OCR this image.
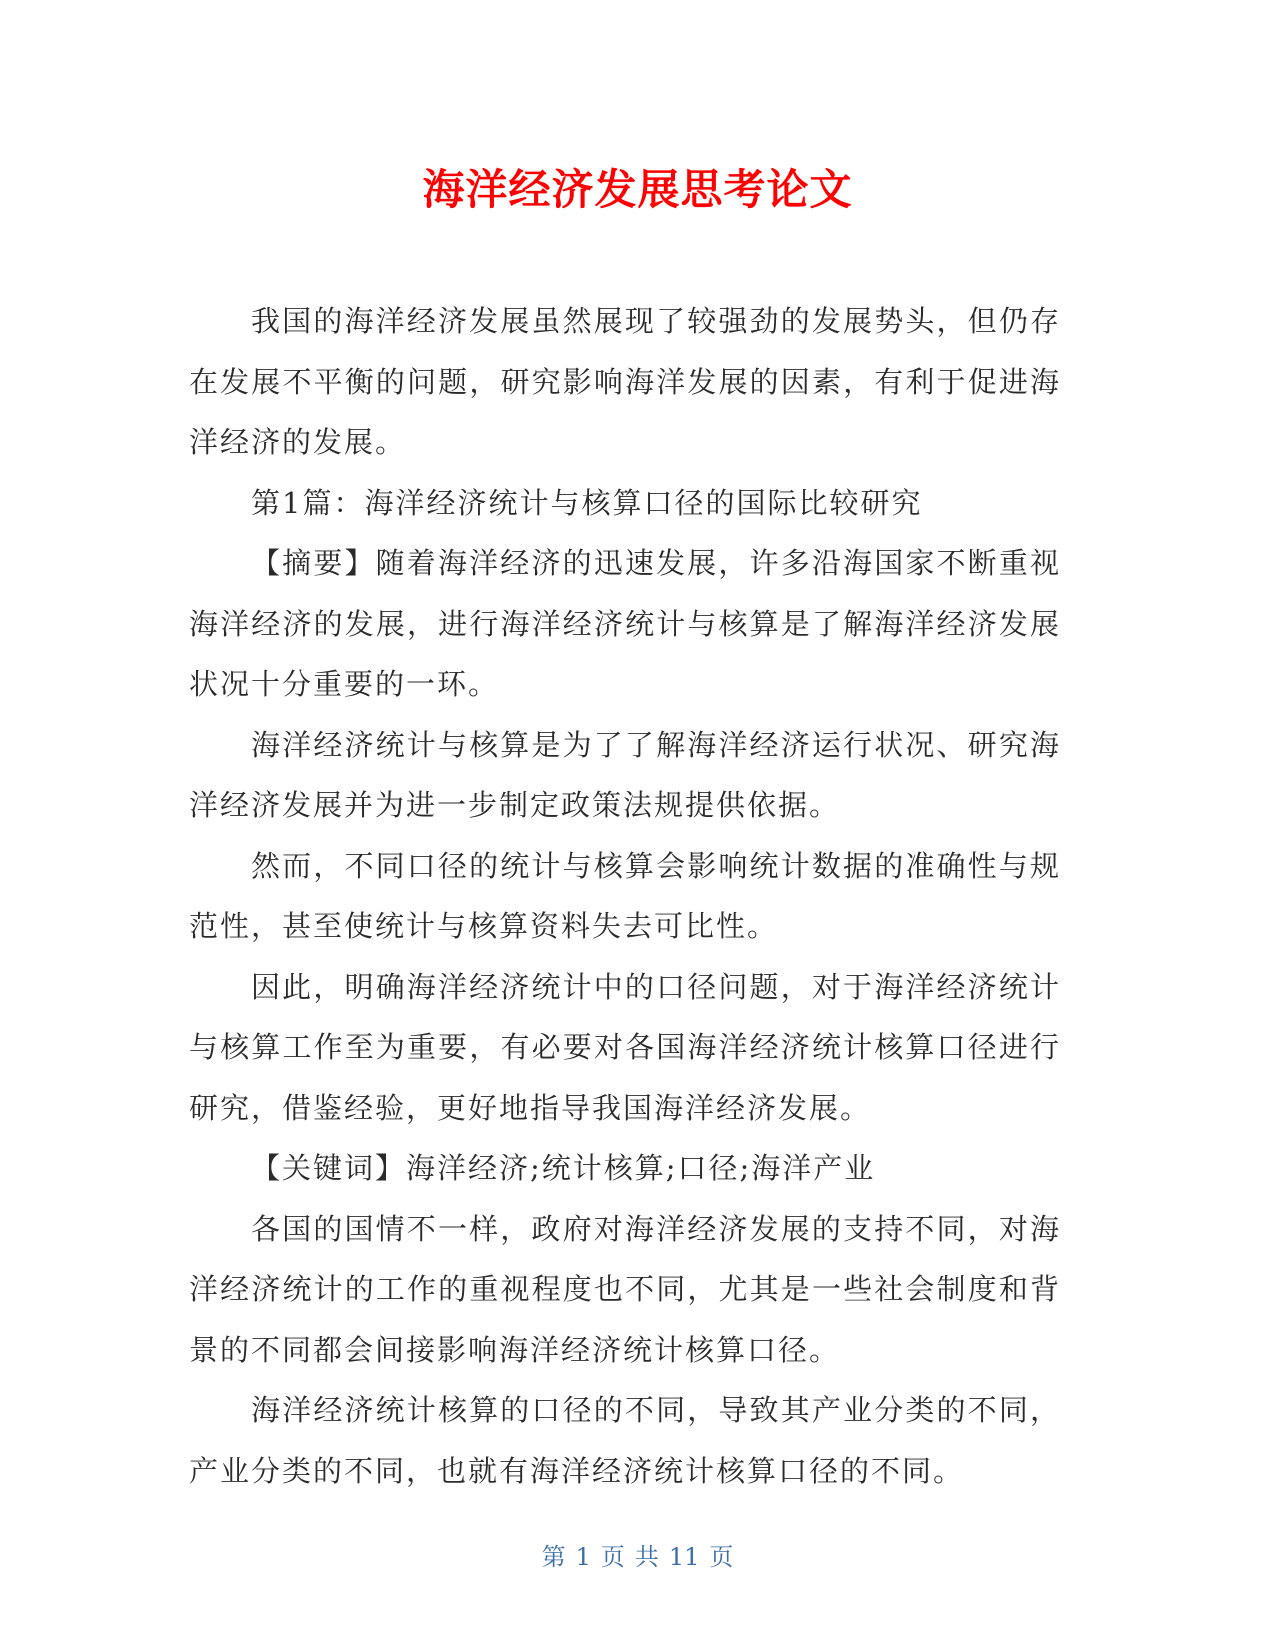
海洋经济发展思考论文

我国的海洋经济发展虽然展现了较强劲的发展势头，但仍存在发展不平衡的问题，研究影响海洋发展的因素，有利于促进海洋经济的发展。

第1篇：海洋经济统计与核算口径的国际比较研究

【摘要】随着海洋经济的迅速发展，许多沿海国家不断重视海洋经济的发展，进行海洋经济统计与核算是了解海洋经济发展状况十分重要的一环。

海洋经济统计与核算是为了了解海洋经济运行状况、研究海洋经济发展并为进一步制定政策法规提供依据。

然而，不同口径的统计与核算会影响统计数据的准确性与规范性，甚至使统计与核算资料失去可比性。

因此，明确海洋经济统计中的口径问题，对于海洋经济统计与核算工作至为重要，有必要对各国海洋经济统计核算口径进行研究，借鉴经验，更好地指导我国海洋经济发展。

【关键词】海洋经济;统计核算;口径;海洋产业

各国的国情不一样，政府对海洋经济发展的支持不同，对海洋经济统计的工作的重视程度也不同，尤其是一些社会制度和背景的不同都会间接影响海洋经济统计核算口径。

海洋经济统计核算的口径的不同，导致其产业分类的不同，产业分类的不同，也就有海洋经济统计核算口径的不同。

第 1 页 共 11 页
